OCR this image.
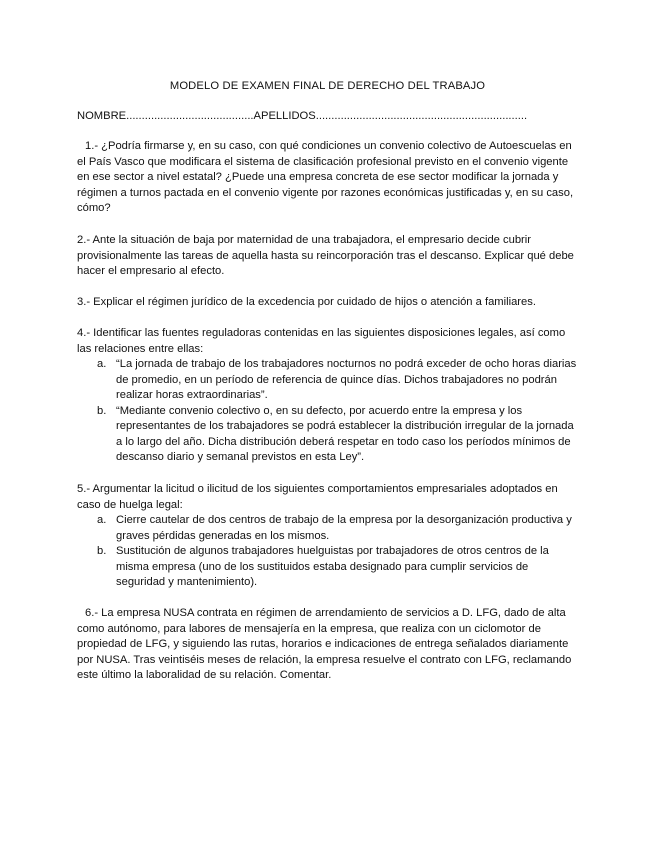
MODELO DE EXAMEN FINAL DE DERECHO DEL TRABAJO
NOMBRE.........................................APELLIDOS....................................................................
1.- ¿Podría firmarse y, en su caso, con qué condiciones un convenio colectivo de Autoescuelas en el País Vasco que modificara el sistema de clasificación profesional previsto en el convenio vigente en ese sector a nivel estatal? ¿Puede una empresa concreta de ese sector modificar la jornada y régimen a turnos pactada en el convenio vigente por razones económicas justificadas y, en su caso, cómo?
2.- Ante la situación de baja por maternidad de una trabajadora, el empresario decide cubrir provisionalmente las tareas de aquella hasta su reincorporación tras el descanso. Explicar qué debe hacer el empresario al efecto.
3.- Explicar el régimen jurídico de la excedencia por cuidado de hijos o atención a familiares.

4.- Identificar las fuentes reguladoras contenidas en las siguientes disposiciones legales, así como las relaciones entre ellas:

a. “La jornada de trabajo de los trabajadores nocturnos no podrá exceder de ocho horas diarias de promedio, en un período de referencia de quince días. Dichos trabajadores no podrán realizar horas extraordinarias”.
b. “Mediante convenio colectivo o, en su defecto, por acuerdo entre la empresa y los representantes de los trabajadores se podrá establecer la distribución irregular de la jornada a lo largo del año. Dicha distribución deberá respetar en todo caso los períodos mínimos de descanso diario y semanal previstos en esta Ley”.

5.- Argumentar la licitud o ilicitud de los siguientes comportamientos empresariales adoptados en caso de huelga legal:

a. Cierre cautelar de dos centros de trabajo de la empresa por la desorganización productiva y graves pérdidas generadas en los mismos.
b. Sustitución de algunos trabajadores huelguistas por trabajadores de otros centros de la misma empresa (uno de los sustituidos estaba designado para cumplir servicios de seguridad y mantenimiento).
6.- La empresa NUSA contrata en régimen de arrendamiento de servicios a D. LFG, dado de alta como autónomo, para labores de mensajería en la empresa, que realiza con un ciclomotor de propiedad de LFG, y siguiendo las rutas, horarios e indicaciones de entrega señalados diariamente por NUSA. Tras veintiséis meses de relación, la empresa resuelve el contrato con LFG, reclamando este último la laboralidad de su relación. Comentar.
